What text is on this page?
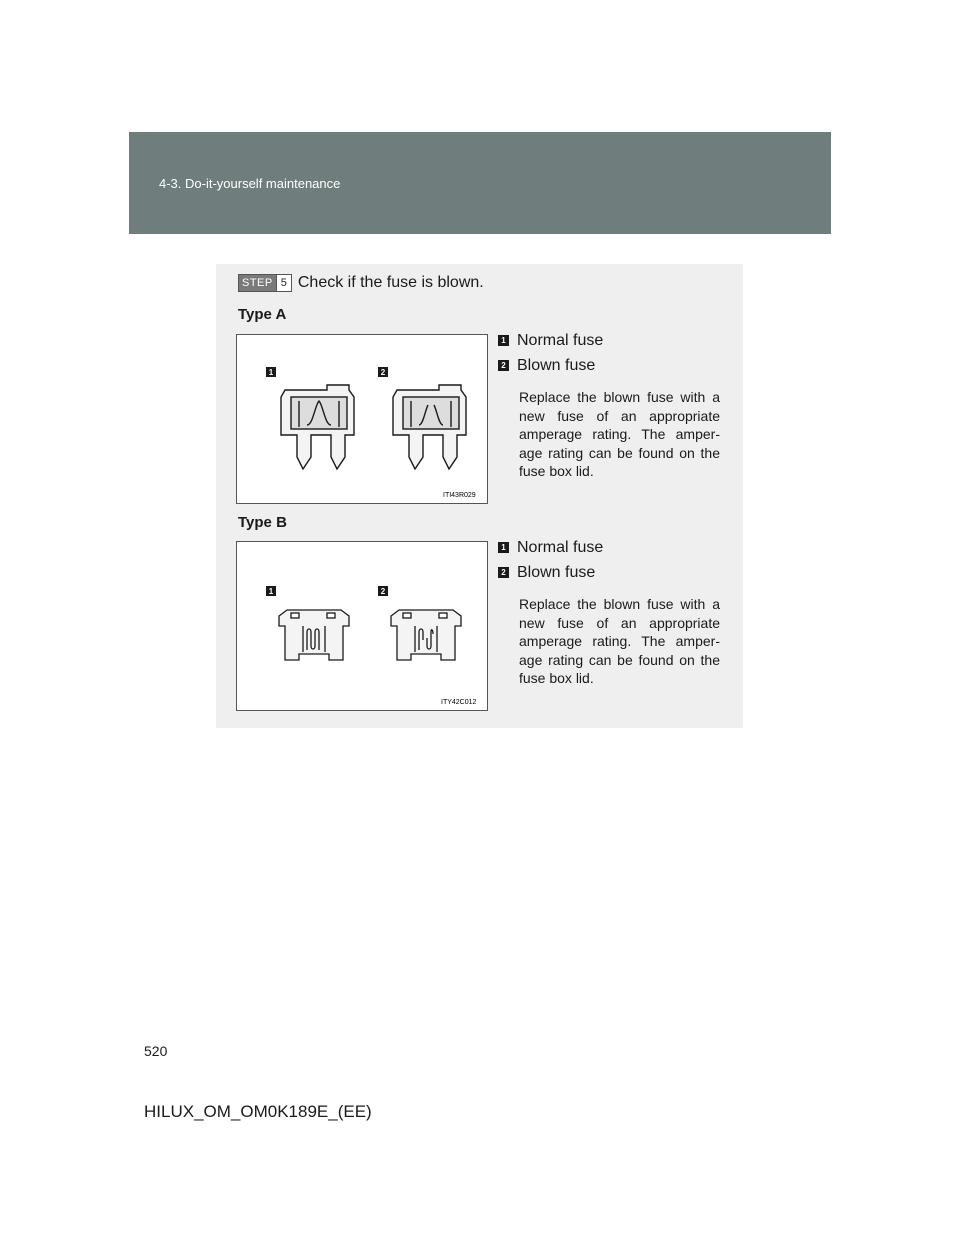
4-3. Do-it-yourself maintenance
STEP 5 Check if the fuse is blown.
Type A
1	2
ITI43R029
1 Normal fuse
2 Blown fuse
Replace the blown fuse with a new fuse of an appropriate amperage rating. The amper-age rating can be found on the fuse box lid.
Type B
1	2
ITY42C012
1 Normal fuse
2 Blown fuse
Replace the blown fuse with a new fuse of an appropriate amperage rating. The amper-age rating can be found on the fuse box lid.
520
HILUX_OM_OM0K189E_(EE)
